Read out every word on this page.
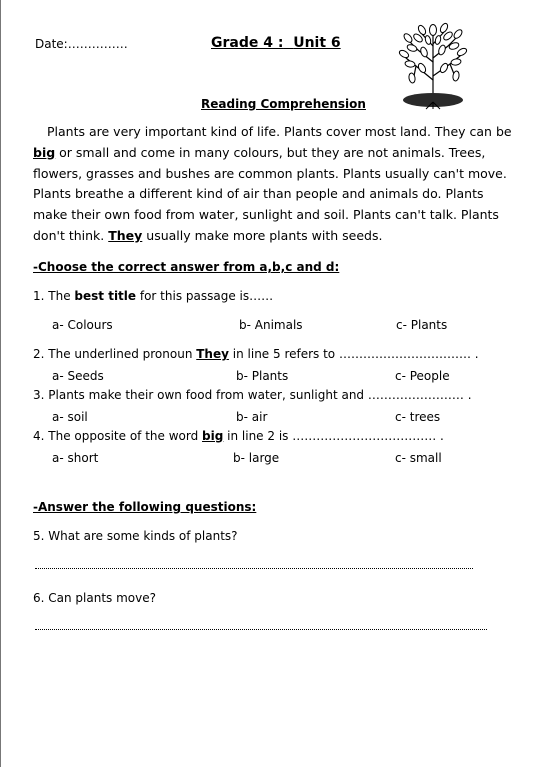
Date:……………	Grade 4 : Unit 6
Reading Comprehension
Plants are very important kind of life. Plants cover most land. They can be big or small and come in many colours, but they are not animals. Trees, flowers, grasses and bushes are common plants. Plants usually can't move. Plants breathe a different kind of air than people and animals do. Plants make their own food from water, sunlight and soil. Plants can't talk. Plants don't think. They usually make more plants with seeds.
-Choose the correct answer from a,b,c and d:
1. The best title for this passage is……
a- Colours	b- Animals	c- Plants
2. The underlined pronoun They in line 5 refers to …………………………… .
a- Seeds	b- Plants	c- People
3. Plants make their own food from water, sunlight and …………………… .
a- soil	b- air	c- trees
4. The opposite of the word big in line 2 is ……………………………… .
a- short	b- large	c- small
-Answer the following questions:
5. What are some kinds of plants?
6. Can plants move?
